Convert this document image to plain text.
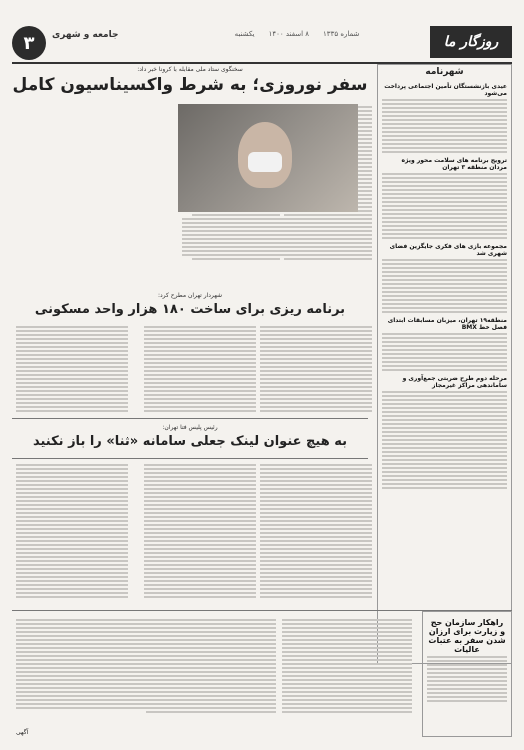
۳	جامعه و شهری	شماره ۱۳۳۵
۸ اسفند ۱۴۰۰
یکشنبه	روزگار ما
شهرنامه
عیدی بازنشستگان تأمین اجتماعی پرداخت می‌شود
ترویج برنامه های سلامت محور ویژه مردان منطقه ۳ تهران
مجموعه بازی های فکری جایگزین فضای شهری شد
منطقه۱۹ تهران، میزبان مسابقات ابتدای فصل خط BMX
مرحله دوم طرح ضربتی جمع‌آوری و ساماندهی مراکز غیرمجاز
سخنگوی ستاد ملی مقابله با کرونا خبر داد:
سفر نوروزی؛ به شرط واکسیناسیون کامل
شهردار تهران مطرح کرد:
برنامه ریزی برای ساخت ۱۸۰ هزار واحد مسکونی
رئیس پلیس فتا تهران:
به هیچ عنوان لینک جعلی سامانه «ثنا» را باز نکنید
راهکار سازمان حج و زیارت برای ارزان شدن سفر به عتبات عالیات
آگهی
